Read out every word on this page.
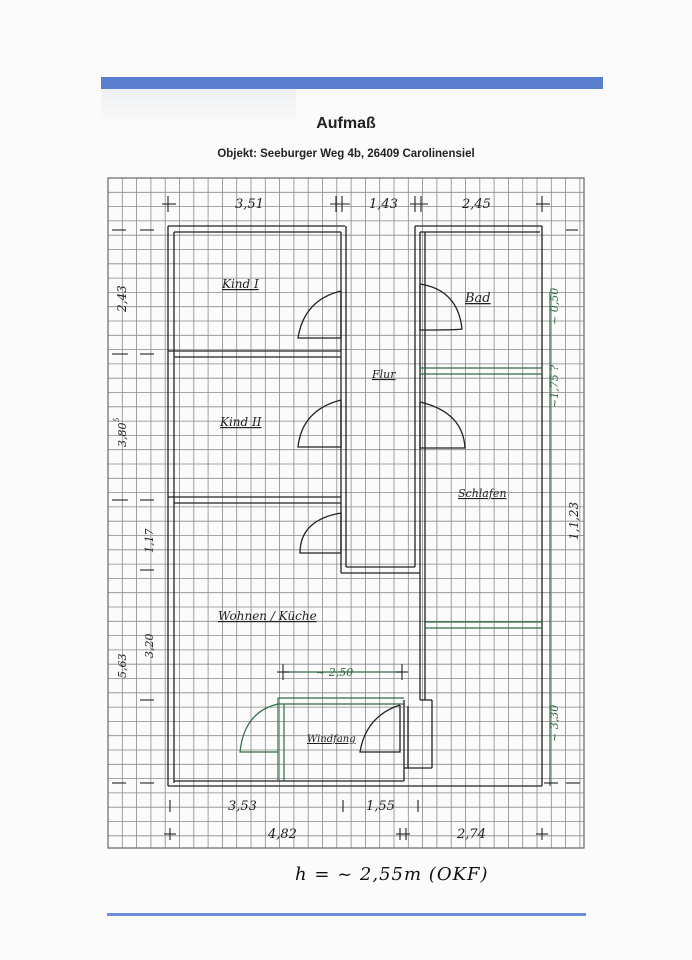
Aufmaß
Objekt: Seeburger Weg 4b, 26409 Carolinensiel
Kind I
Kind II
Bad
Flur
Schlafen
Wohnen / Küche
Windfang
3,51	1,43	2,45
2,43
3,80
5
1,17
5,63
3,20
~ 0,50
~1,75 ?
1,1,23
~ 3,30
~ 2,50
3,53	1,55
4,82	2,74
h = ~ 2,55m (OKF)
